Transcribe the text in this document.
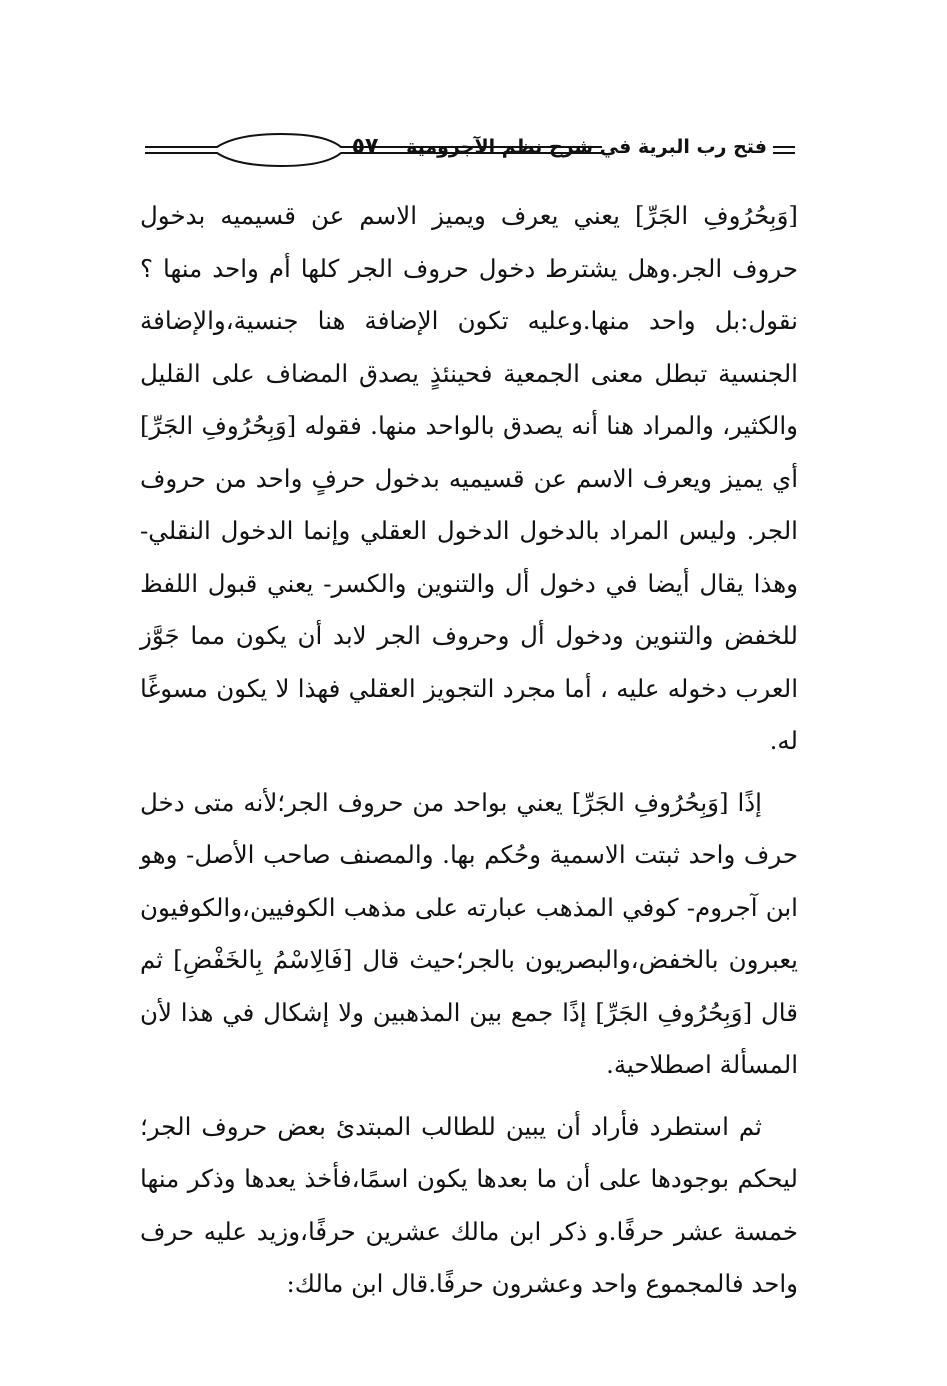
فتح رب البرية في شرح نظم الآجرومية
٥٧

[وَبِحُرُوفِ الجَرِّ] يعني يعرف ويميز الاسم عن قسيميه بدخول حروف الجر.وهل يشترط دخول حروف الجر كلها أم واحد منها ؟ نقول:بل واحد منها.وعليه تكون الإضافة هنا جنسية،والإضافة الجنسية تبطل معنى الجمعية فحينئذٍ يصدق المضاف على القليل والكثير، والمراد هنا أنه يصدق بالواحد منها. فقوله [وَبِحُرُوفِ الجَرِّ] أي يميز ويعرف الاسم عن قسيميه بدخول حرفٍ واحد من حروف الجر. وليس المراد بالدخول الدخول العقلي وإنما الدخول النقلي-وهذا يقال أيضا في دخول أل والتنوين والكسر- يعني قبول اللفظ للخفض والتنوين ودخول أل وحروف الجر لابد أن يكون مما جَوَّز العرب دخوله عليه ، أما مجرد التجويز العقلي فهذا لا يكون مسوغًا له.

إذًا [وَبِحُرُوفِ الجَرِّ] يعني بواحد من حروف الجر؛لأنه متى دخل حرف واحد ثبتت الاسمية وحُكم بها. والمصنف صاحب الأصل- وهو ابن آجروم- كوفي المذهب عبارته على مذهب الكوفيين،والكوفيون يعبرون بالخفض،والبصريون بالجر؛حيث قال [فَالِاسْمُ بِالخَفْضِ] ثم قال [وَبِحُرُوفِ الجَرِّ] إذًا جمع بين المذهبين ولا إشكال في هذا لأن المسألة اصطلاحية.

ثم استطرد فأراد أن يبين للطالب المبتدئ بعض حروف الجر؛ليحكم بوجودها على أن ما بعدها يكون اسمًا،فأخذ يعدها وذكر منها خمسة عشر حرفًا.و ذكر ابن مالك عشرين حرفًا،وزيد عليه حرف واحد فالمجموع واحد وعشرون حرفًا.قال ابن مالك:
